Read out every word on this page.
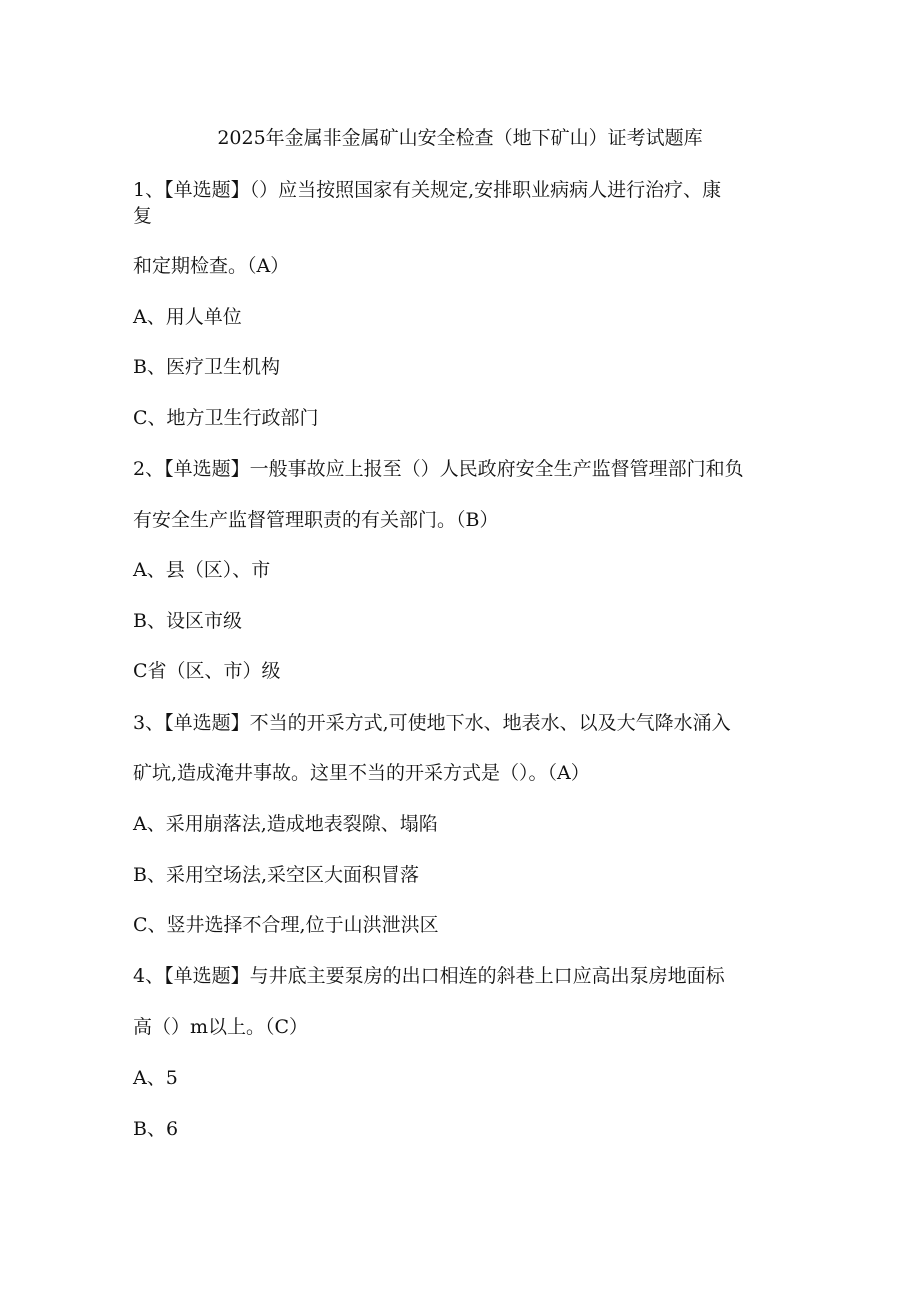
2025年金属非金属矿山安全检查（地下矿山）证考试题库
1、【单选题】（）应当按照国家有关规定,安排职业病病人进行治疗、康
复
和定期检查。（A）
A、用人单位
B、医疗卫生机构
C、地方卫生行政部门
2、【单选题】一般事故应上报至（）人民政府安全生产监督管理部门和负
有安全生产监督管理职责的有关部门。（B）
A、县（区）、市
B、设区市级
C省（区、市）级
3、【单选题】不当的开采方式,可使地下水、地表水、以及大气降水涌入
矿坑,造成淹井事故。这里不当的开采方式是（）。（A）
A、采用崩落法,造成地表裂隙、塌陷
B、采用空场法,采空区大面积冒落
C、竖井选择不合理,位于山洪泄洪区
4、【单选题】与井底主要泵房的出口相连的斜巷上口应高出泵房地面标
高（）m以上。（C）
A、5
B、6
